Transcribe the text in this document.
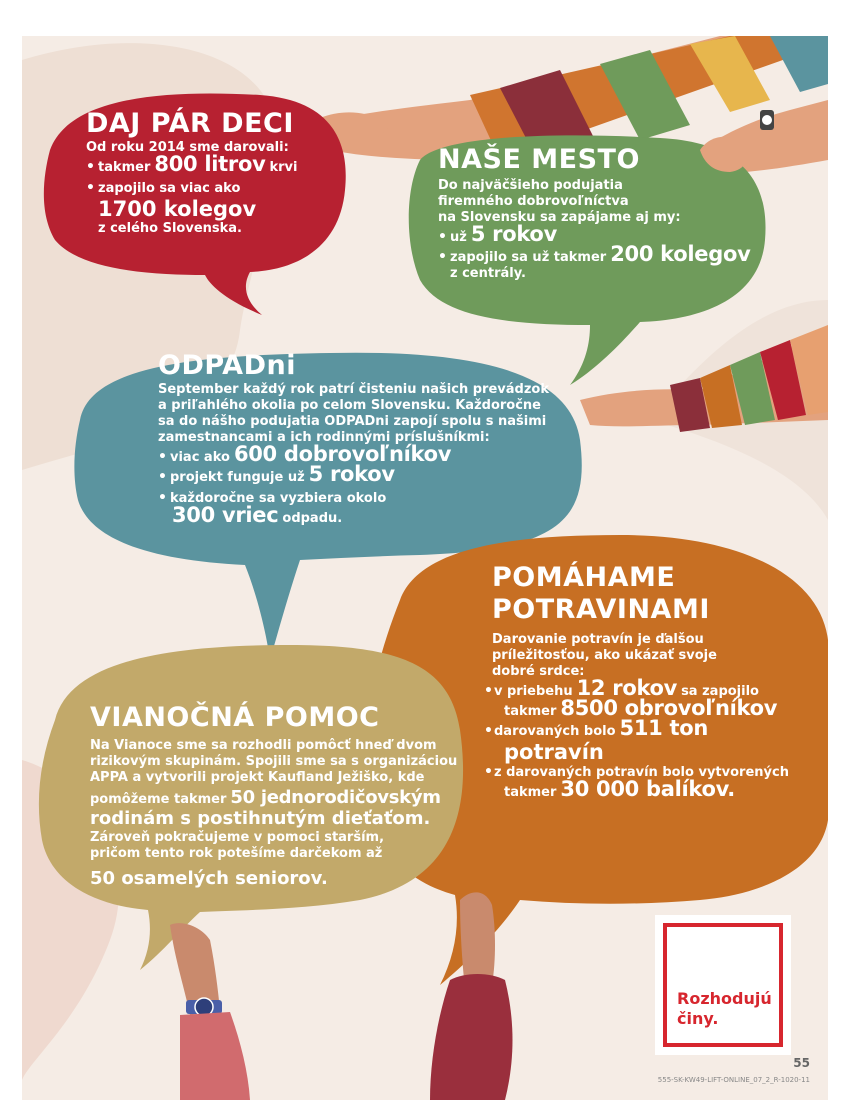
DAJ PÁR DECI
Od roku 2014 sme darovali:
• takmer 800 litrov krvi
• zapojilo sa viac ako
1700 kolegov
z celého Slovenska.
NAŠE MESTO
Do najväčšieho podujatia
firemného dobrovoľníctva
na Slovensku sa zapájame aj my:
• už 5 rokov
• zapojilo sa už takmer 200 kolegov
z centrály.
ODPADni
September každý rok patrí čisteniu našich prevádzok
a priľahlého okolia po celom Slovensku. Každoročne
sa do nášho podujatia ODPADni zapojí spolu s našimi
zamestnancami a ich rodinnými príslušníkmi:
• viac ako 600 dobrovoľníkov
• projekt funguje už 5 rokov
• každoročne sa vyzbiera okolo
300 vriec odpadu.
POMÁHAME
POTRAVINAMI
Darovanie potravín je ďalšou
príležitosťou, ako ukázať svoje
dobré srdce:
• v priebehu 12 rokov sa zapojilo
takmer 8500 obrovoľníkov
• darovaných bolo 511 ton
potravín
• z darovaných potravín bolo vytvorených
takmer 30 000 balíkov.
VIANOČNÁ POMOC
Na Vianoce sme sa rozhodli pomôcť hneď dvom
rizikovým skupinám. Spojili sme sa s organizáciou
APPA a vytvorili projekt Kaufland Ježiško, kde
pomôžeme takmer 50 jednorodičovským
rodinám s postihnutým dieťaťom.
Zároveň pokračujeme v pomoci starším,
pričom tento rok potešíme darčekom až
50 osamelých seniorov.
Rozhodujú
činy.
55
555-SK-KW49-LIFT-ONLINE_07_2_R-1020-11
